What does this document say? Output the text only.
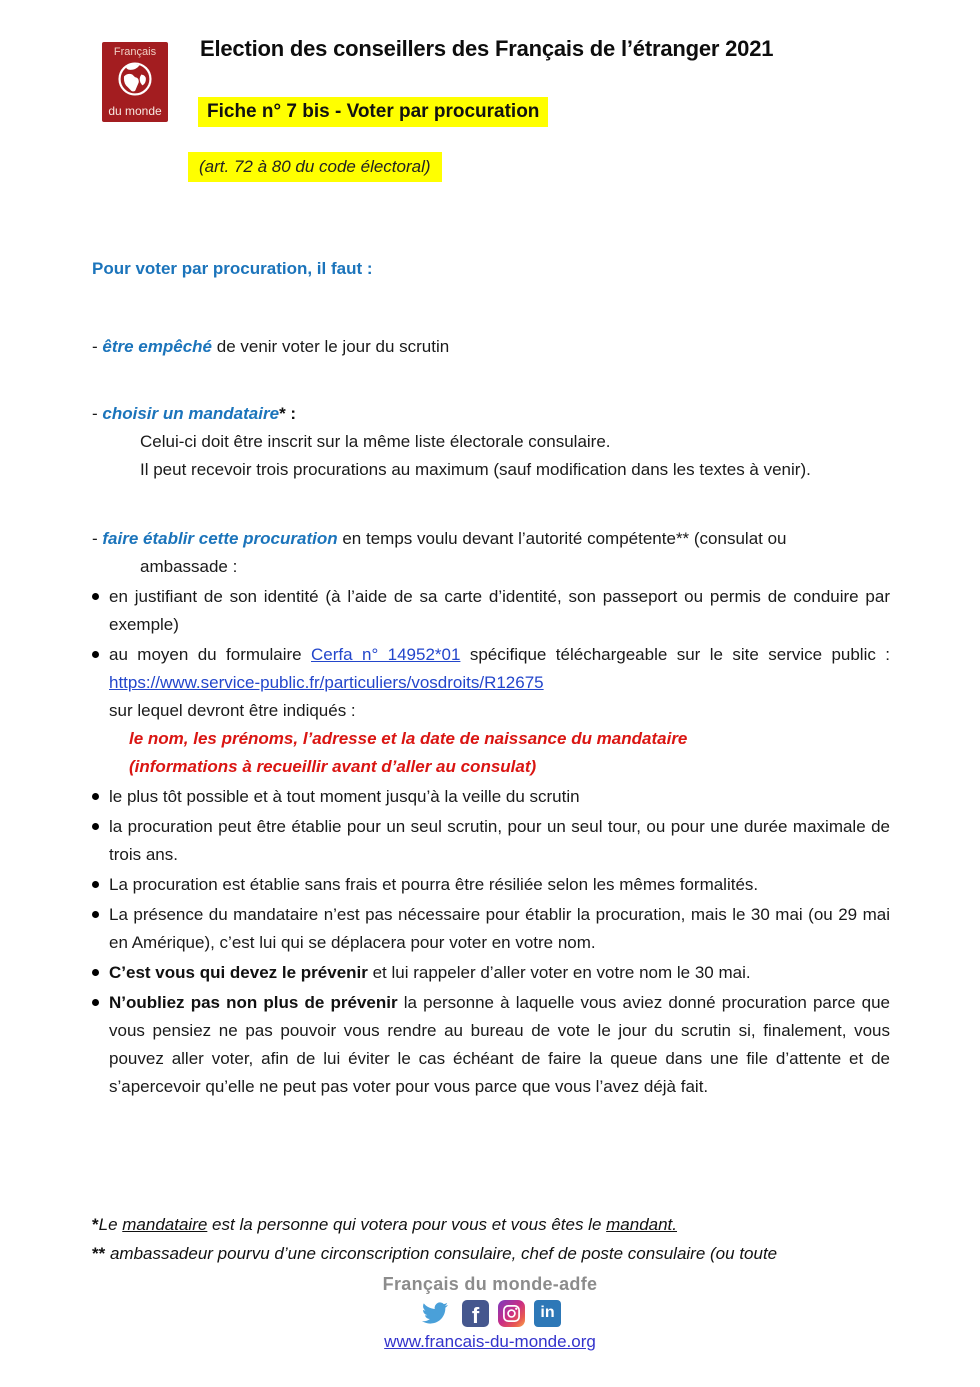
Français
du monde
Election des conseillers des Français de l’étranger 2021
Fiche n° 7 bis - Voter par procuration
(art. 72 à 80 du code électoral)
Pour voter par procuration, il faut :
- être empêché de venir voter le jour du scrutin
- choisir un mandataire* :
Celui-ci doit être inscrit sur la même liste électorale consulaire.
Il peut recevoir trois procurations au maximum (sauf modification dans les textes à venir).
- faire établir cette procuration en temps voulu devant l’autorité compétente** (consulat ou
ambassade :
en justifiant de son identité (à l’aide de sa carte d’identité, son passeport ou permis de conduire par exemple)
au moyen du formulaire Cerfa n° 14952*01 spécifique téléchargeable sur le site service public : https://www.service-public.fr/particuliers/vosdroits/R12675
sur lequel devront être indiqués :
le nom, les prénoms, l’adresse et la date de naissance du mandataire
(informations à recueillir avant d’aller au consulat)
le plus tôt possible et à tout moment jusqu’à la veille du scrutin
la procuration peut être établie pour un seul scrutin, pour un seul tour, ou pour une durée maximale de trois ans.
La procuration est établie sans frais et pourra être résiliée selon les mêmes formalités.
La présence du mandataire n’est pas nécessaire pour établir la procuration, mais le 30 mai (ou 29 mai en Amérique), c’est lui qui se déplacera pour voter en votre nom.
C’est vous qui devez le prévenir et lui rappeler d’aller voter en votre nom le 30 mai.
N’oubliez pas non plus de prévenir la personne à laquelle vous aviez donné procuration parce que vous pensiez ne pas pouvoir vous rendre au bureau de vote le jour du scrutin si, finalement, vous pouvez aller voter, afin de lui éviter le cas échéant de faire la queue dans une file d’attente et de s’apercevoir qu’elle ne peut pas voter pour vous parce que vous l’avez déjà fait.
*Le mandataire est la personne qui votera pour vous et vous êtes le mandant.
** ambassadeur pourvu d’une circonscription consulaire, chef de poste consulaire (ou toute
Français du monde-adfe
f	in
www.francais-du-monde.org
